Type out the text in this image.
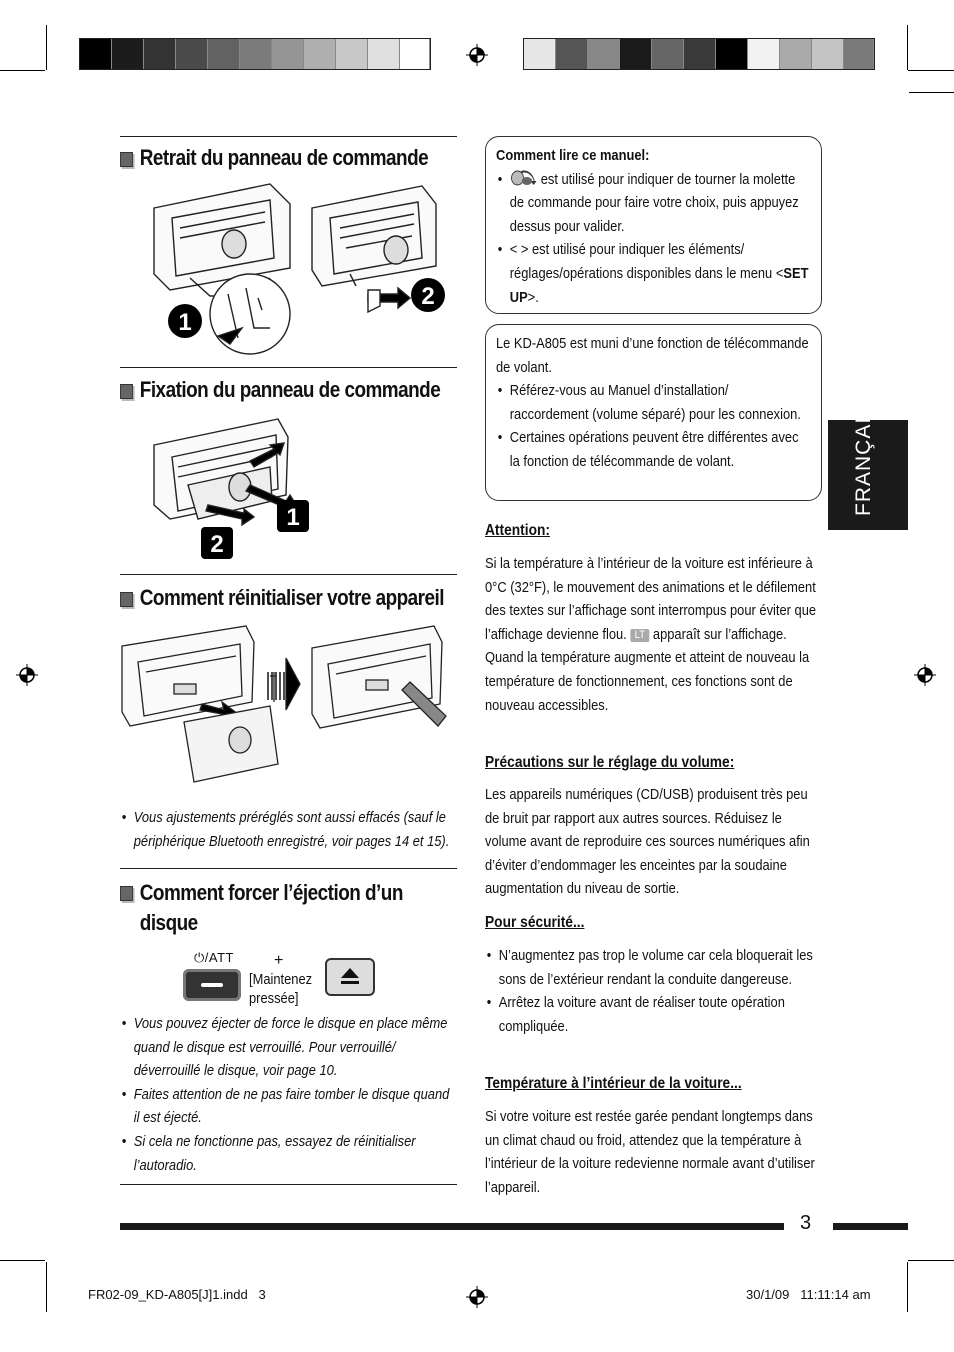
Retrait du panneau de commande
1
2
Fixation du panneau de commande
1
2
Comment réinitialiser votre appareil
• Vous ajustements préréglés sont aussi effacés (sauf le périphérique Bluetooth enregistré, voir pages 14 et 15).
Comment forcer l’éjection d’un disque
⏻/ATT	+
[Maintenez pressée]
• Vous pouvez éjecter de force le disque en place même quand le disque est verrouillé. Pour verrouillé/ déverrouillé le disque, voir page 10.
• Faites attention de ne pas faire tomber le disque quand il est éjecté.
• Si cela ne fonctionne pas, essayez de réinitialiser l’autoradio.
Comment lire ce manuel:
• est utilisé pour indiquer de tourner la molette de commande pour faire votre choix, puis appuyez dessus pour valider.
• < > est utilisé pour indiquer les éléments/ réglages/opérations disponibles dans le menu <SET UP>.
Le KD-A805 est muni d’une fonction de télécommande de volant.
• Référez-vous au Manuel d’installation/ raccordement (volume séparé) pour les connexion.
• Certaines opérations peuvent être différentes avec la fonction de télécommande de volant.
Attention:
Si la température à l’intérieur de la voiture est inférieure à 0°C (32°F), le mouvement des animations et le défilement des textes sur l’affichage sont interrompus pour éviter que l’affichage devienne flou. LT apparaît sur l’affichage.
Quand la température augmente et atteint de nouveau la température de fonctionnement, ces fonctions sont de nouveau accessibles.
Précautions sur le réglage du volume:
Les appareils numériques (CD/USB) produisent très peu de bruit par rapport aux autres sources. Réduisez le volume avant de reproduire ces sources numériques afin d’éviter d’endommager les enceintes par la soudaine augmentation du niveau de sortie.
Pour sécurité...
• N’augmentez pas trop le volume car cela bloquerait les sons de l’extérieur rendant la conduite dangereuse.
• Arrêtez la voiture avant de réaliser toute opération compliquée.
Température à l’intérieur de la voiture...
Si votre voiture est restée garée pendant longtemps dans un climat chaud ou froid, attendez que la température à l’intérieur de la voiture redevienne normale avant d’utiliser l’appareil.
FRANÇAIS
3
FR02-09_KD-A805[J]1.indd   3	30/1/09   11:11:14 am
